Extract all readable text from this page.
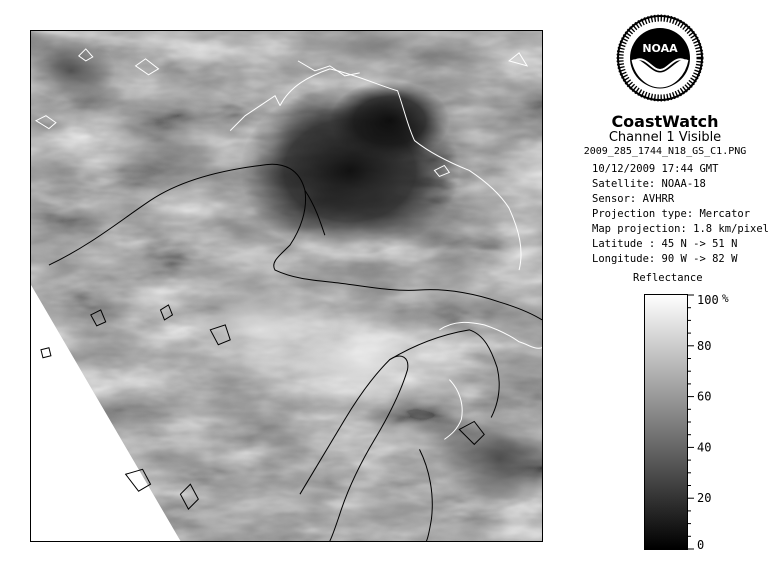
NOAA
CoastWatch
Channel 1 Visible
2009_285_1744_N18_GS_C1.PNG
10/12/2009 17:44 GMT
Satellite: NOAA-18
Sensor: AVHRR
Projection type: Mercator
Map projection: 1.8 km/pixel
Latitude : 45 N -> 51 N
Longitude: 90 W -> 82 W
Reflectance
100
80
60
40
20
0
%
